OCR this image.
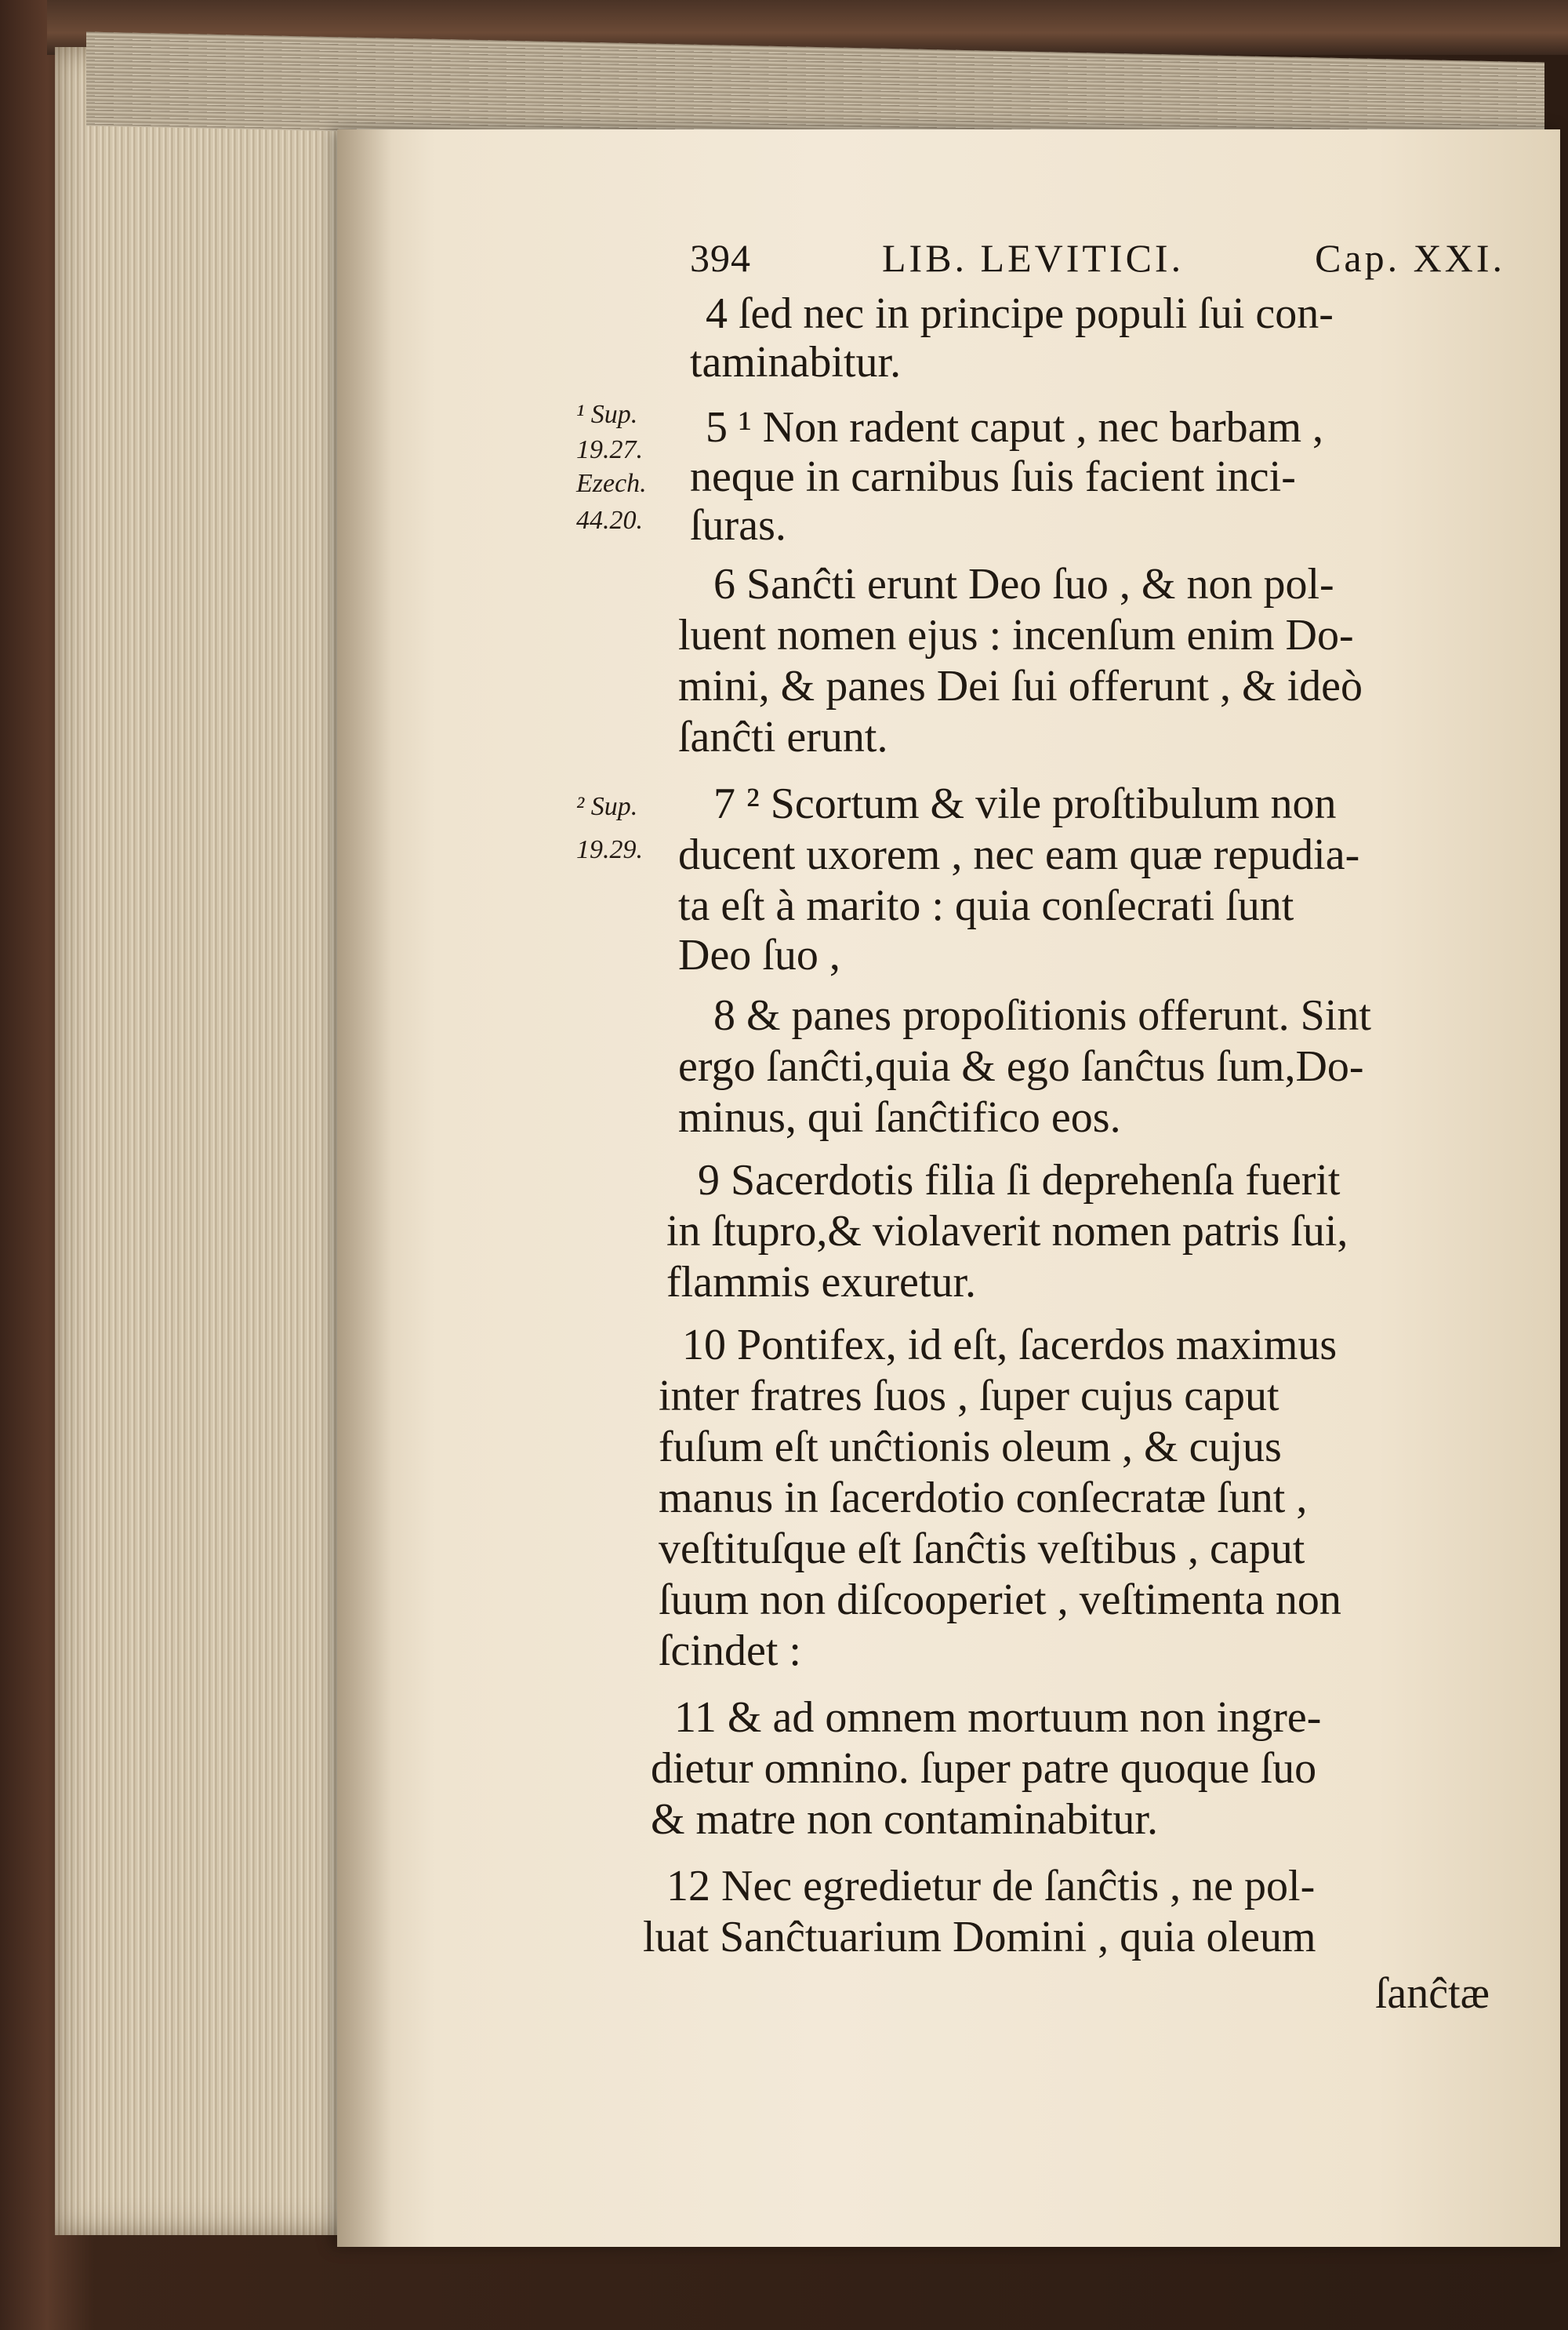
394	LIB. LEVITICI.	Cap. XXI.
¹ Sup.
19.27.
Ezech.
44.20.
² Sup.
19.29.
4 ſed nec in principe populi ſui con-
taminabitur.
5 ¹ Non radent caput , nec barbam ,
neque in carnibus ſuis facient inci-
ſuras.
6 Sanĉti erunt Deo ſuo , & non pol-
luent nomen ejus : incenſum enim Do-
mini, & panes Dei ſui offerunt , & ideò
ſanĉti erunt.
7 ² Scortum & vile proſtibulum non
ducent uxorem , nec eam quæ repudia-
ta eſt à marito : quia conſecrati ſunt
Deo ſuo ,
8 & panes propoſitionis offerunt. Sint
ergo ſanĉti,quia & ego ſanĉtus ſum,Do-
minus, qui ſanĉtifico eos.
9 Sacerdotis filia ſi deprehenſa fuerit
in ſtupro,& violaverit nomen patris ſui,
flammis exuretur.
10 Pontifex, id eſt, ſacerdos maximus
inter fratres ſuos , ſuper cujus caput
fuſum eſt unĉtionis oleum , & cujus
manus in ſacerdotio conſecratæ ſunt ,
veſtituſque eſt ſanĉtis veſtibus , caput
ſuum non diſcooperiet , veſtimenta non
ſcindet :
11 & ad omnem mortuum non ingre-
dietur omnino. ſuper patre quoque ſuo
& matre non contaminabitur.
12 Nec egredietur de ſanĉtis , ne pol-
luat Sanĉtuarium Domini , quia oleum
ſanĉtæ
